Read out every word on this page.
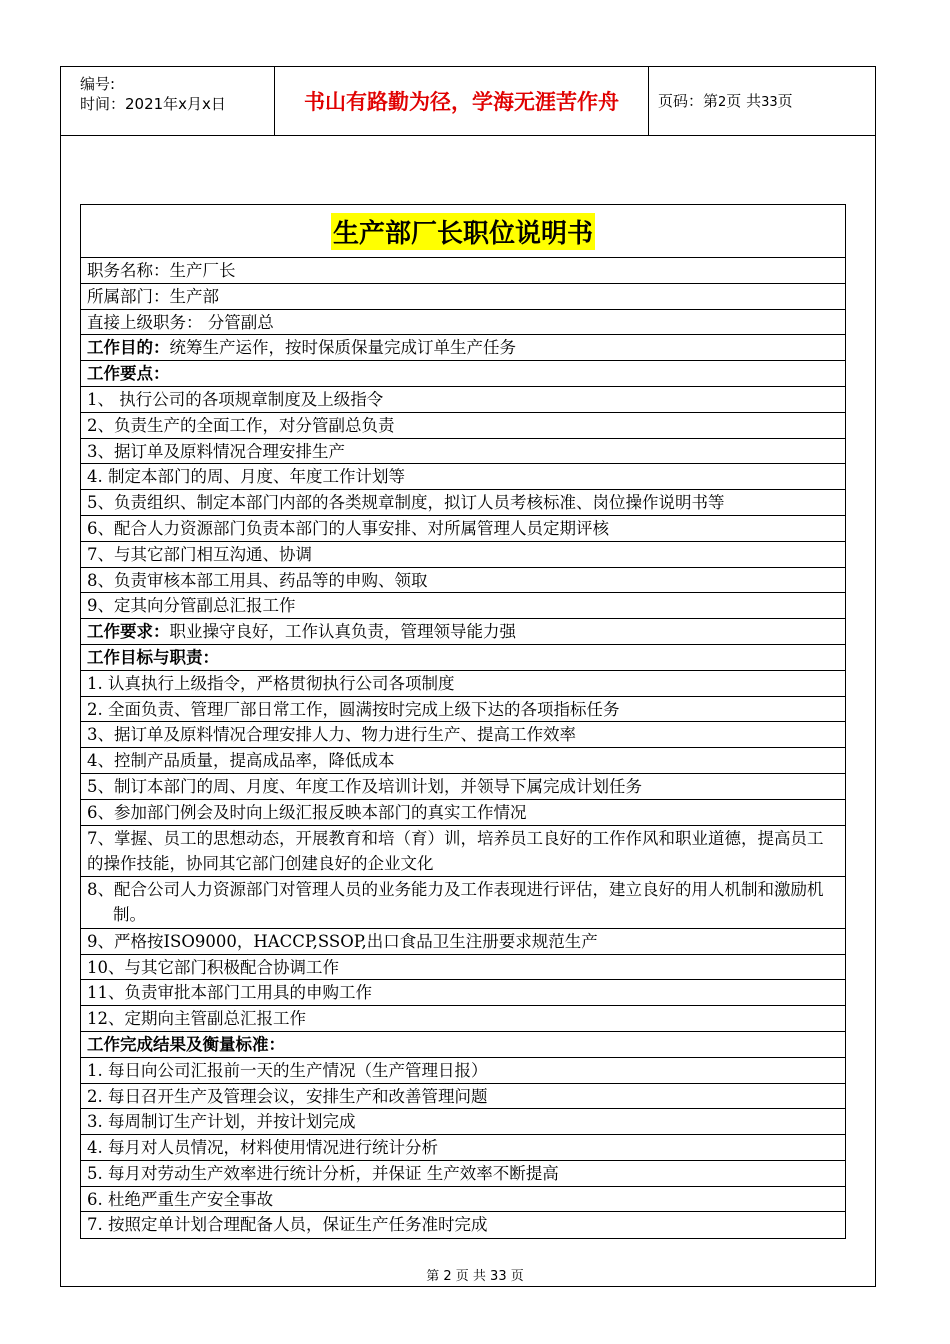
编号:
时间：2021年x月x日	书山有路勤为径，学海无涯苦作舟	页码：第2页 共33页
生产部厂长职位说明书
职务名称：生产厂长
所属部门：生产部
直接上级职务： 分管副总
工作目的：统筹生产运作，按时保质保量完成订单生产任务
工作要点：
1、 执行公司的各项规章制度及上级指令
2、负责生产的全面工作，对分管副总负责
3、据订单及原料情况合理安排生产
4. 制定本部门的周、月度、年度工作计划等
5、负责组织、制定本部门内部的各类规章制度，拟订人员考核标准、岗位操作说明书等
6、配合人力资源部门负责本部门的人事安排、对所属管理人员定期评核
7、与其它部门相互沟通、协调
8、负责审核本部工用具、药品等的申购、领取
9、定其向分管副总汇报工作
工作要求：职业操守良好，工作认真负责，管理领导能力强
工作目标与职责：
1. 认真执行上级指令，严格贯彻执行公司各项制度
2. 全面负责、管理厂部日常工作，圆满按时完成上级下达的各项指标任务
3、据订单及原料情况合理安排人力、物力进行生产、提高工作效率
4、控制产品质量，提高成品率，降低成本
5、制订本部门的周、月度、年度工作及培训计划，并领导下属完成计划任务
6、参加部门例会及时向上级汇报反映本部门的真实工作情况
7、掌握、员工的思想动态，开展教育和培（育）训，培养员工良好的工作作风和职业道德，提高员工的操作技能，协同其它部门创建良好的企业文化
8、配合公司人力资源部门对管理人员的业务能力及工作表现进行评估，建立良好的用人机制和激励机制。
9、严格按ISO9000，HACCP,SSOP,出口食品卫生注册要求规范生产
10、与其它部门积极配合协调工作
11、负责审批本部门工用具的申购工作
12、定期向主管副总汇报工作
工作完成结果及衡量标准：
1. 每日向公司汇报前一天的生产情况（生产管理日报）
2. 每日召开生产及管理会议，安排生产和改善管理问题
3. 每周制订生产计划，并按计划完成
4. 每月对人员情况，材料使用情况进行统计分析
5. 每月对劳动生产效率进行统计分析，并保证 生产效率不断提高
6. 杜绝严重生产安全事故
7. 按照定单计划合理配备人员，保证生产任务准时完成
第 2 页 共 33 页
